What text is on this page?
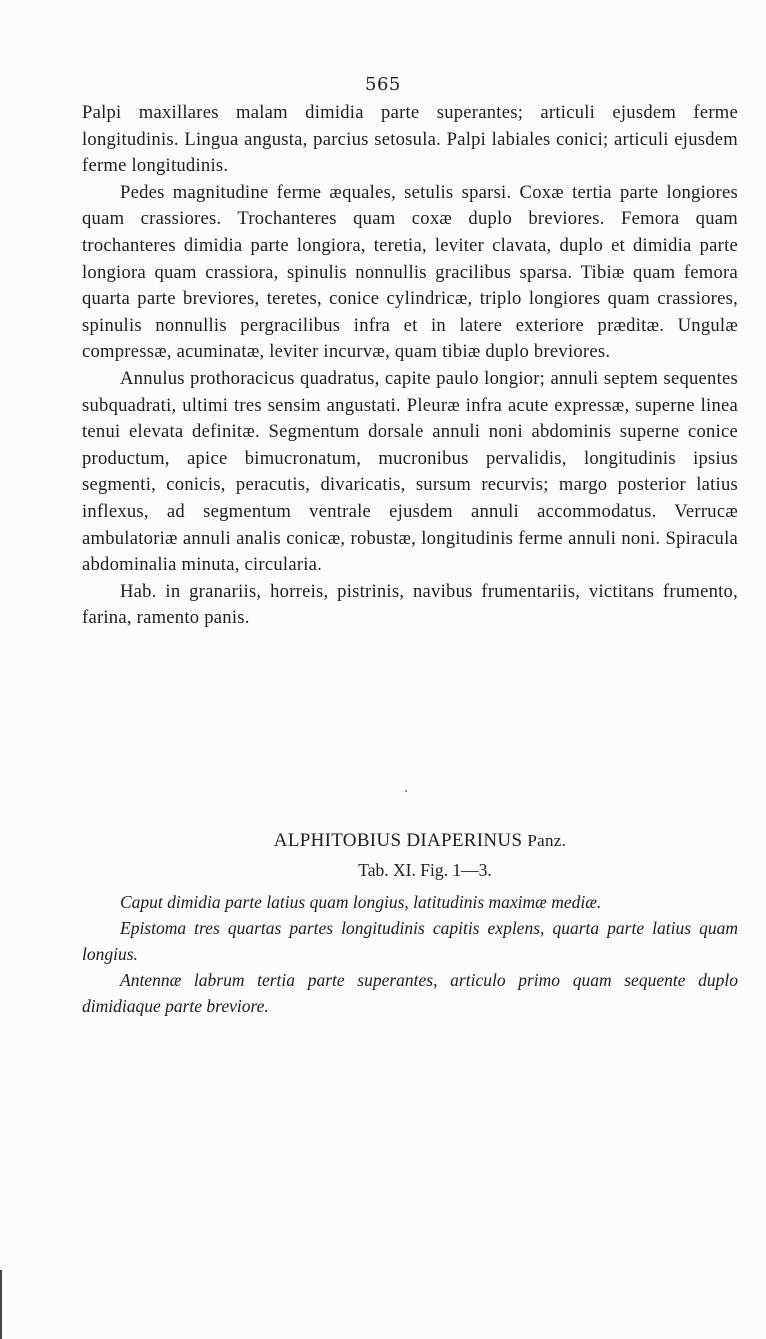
565

Palpi maxillares malam dimidia parte superantes; articuli ejusdem ferme longitudinis. Lingua angusta, parcius setosula. Palpi labiales conici; articuli ejusdem ferme longitudinis.

Pedes magnitudine ferme æquales, setulis sparsi. Coxæ tertia parte longiores quam crassiores. Trochanteres quam coxæ duplo breviores. Femora quam trochanteres dimidia parte longiora, teretia, leviter clavata, duplo et dimidia parte longiora quam crassiora, spinulis nonnullis gracilibus sparsa. Tibiæ quam femora quarta parte breviores, teretes, conice cylindricæ, triplo longiores quam crassiores, spinulis nonnullis pergracilibus infra et in latere exteriore præditæ. Ungulæ compressæ, acuminatæ, leviter incurvæ, quam tibiæ duplo breviores.

Annulus prothoracicus quadratus, capite paulo longior; annuli septem sequentes subquadrati, ultimi tres sensim angustati. Pleuræ infra acute expressæ, superne linea tenui elevata definitæ. Segmentum dorsale annuli noni abdominis superne conice productum, apice bimucronatum, mucronibus pervalidis, longitudinis ipsius segmenti, conicis, peracutis, divaricatis, sursum recurvis; margo posterior latius inflexus, ad segmentum ventrale ejusdem annuli accommodatus. Verrucæ ambulatoriæ annuli analis conicæ, robustæ, longitudinis ferme annuli noni. Spiracula abdominalia minuta, circularia.

Hab. in granariis, horreis, pistrinis, navibus frumentariis, victitans frumento, farina, ramento panis.

ALPHITOBIUS DIAPERINUS Panz.
Tab. XI. Fig. 1—3.

Caput dimidia parte latius quam longius, latitudinis maximæ mediæ.

Epistoma tres quartas partes longitudinis capitis explens, quarta parte latius quam longius.

Antennæ labrum tertia parte superantes, articulo primo quam sequente duplo dimidiaque parte breviore.
